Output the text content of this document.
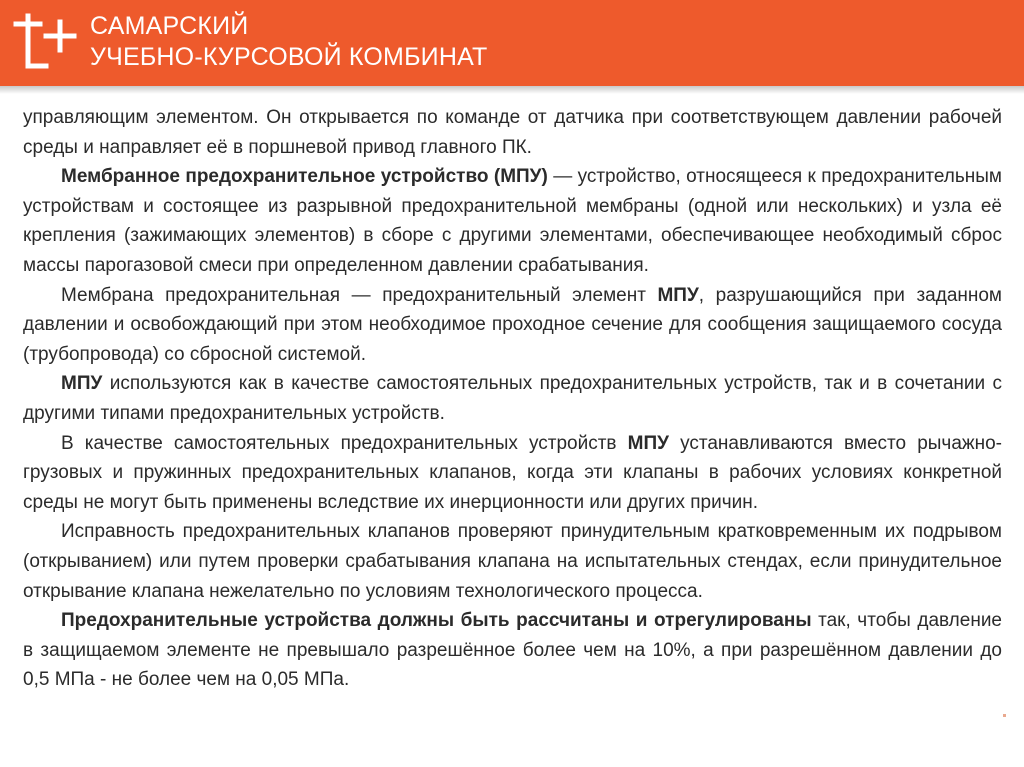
САМАРСКИЙ
УЧЕБНО-КУРСОВОЙ КОМБИНАТ

управляющим элементом. Он открывается по команде от датчика при соответствующем давлении рабочей среды и направляет её в поршневой привод главного ПК.

Мембранное предохранительное устройство (МПУ) — устройство, относящееся к предохранительным устройствам и состоящее из разрывной предохранительной мембраны (одной или нескольких) и узла её крепления (зажимающих элементов) в сборе с другими элементами, обеспечивающее необходимый сброс массы парогазовой смеси при определенном давлении срабатывания.

Мембрана предохранительная — предохранительный элемент МПУ, разрушающийся при заданном давлении и освобождающий при этом необходимое проходное сечение для сообщения защищаемого сосуда (трубопровода) со сбросной системой.

МПУ используются как в качестве самостоятельных предохранительных устройств, так и в сочетании с другими типами предохранительных устройств.

В качестве самостоятельных предохранительных устройств МПУ устанавливаются вместо рычажно-грузовых и пружинных предохранительных клапанов, когда эти клапаны в рабочих условиях конкретной среды не могут быть применены вследствие их инерционности или других причин.

Исправность предохранительных клапанов проверяют принудительным кратковременным их подрывом (открыванием) или путем проверки срабатывания клапана на испытательных стендах, если принудительное открывание клапана нежелательно по условиям технологического процесса.

Предохранительные устройства должны быть рассчитаны и отрегулированы так, чтобы давление в защищаемом элементе не превышало разрешённое более чем на 10%, а при разрешённом давлении до 0,5 МПа - не более чем на 0,05 МПа.
